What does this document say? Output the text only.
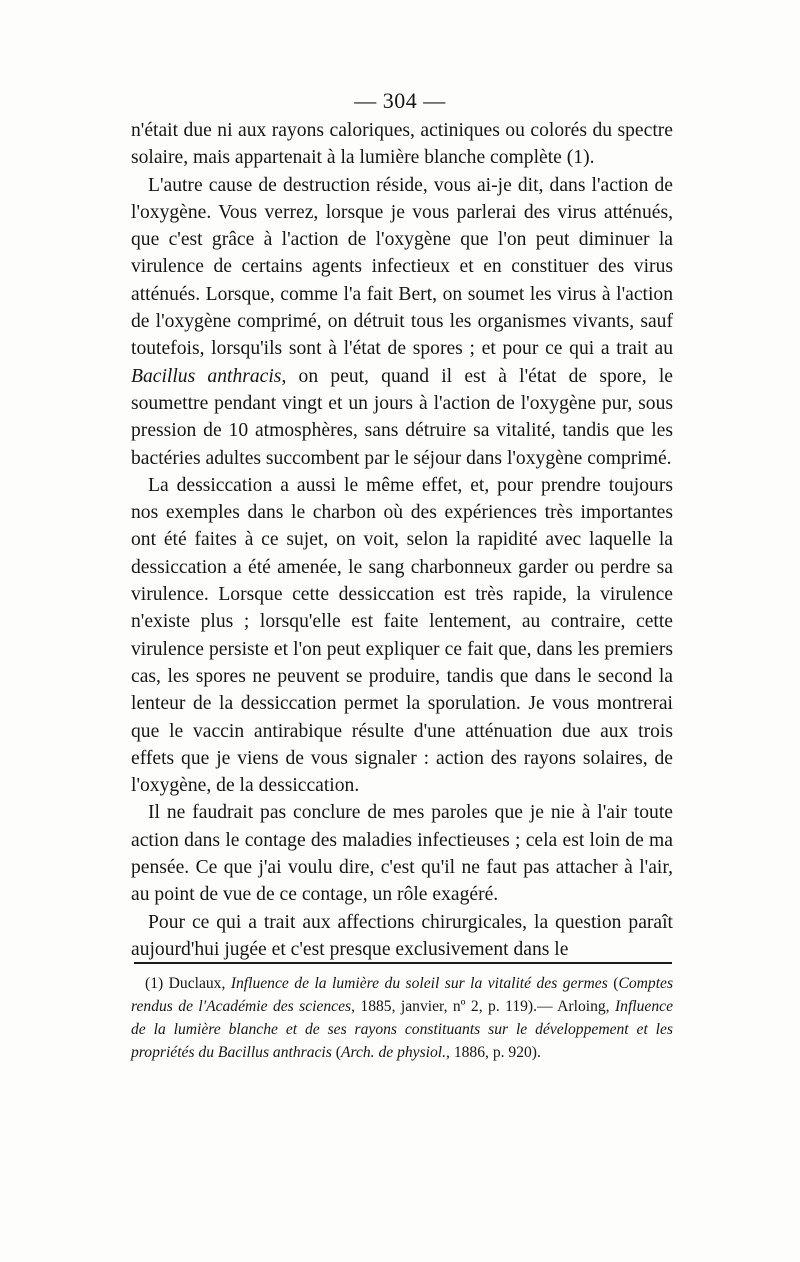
— 304 —

n'était due ni aux rayons caloriques, actiniques ou colorés du spectre solaire, mais appartenait à la lumière blanche complète (1).

L'autre cause de destruction réside, vous ai-je dit, dans l'action de l'oxygène. Vous verrez, lorsque je vous parlerai des virus atténués, que c'est grâce à l'action de l'oxygène que l'on peut diminuer la virulence de certains agents infectieux et en constituer des virus atténués. Lorsque, comme l'a fait Bert, on soumet les virus à l'action de l'oxygène comprimé, on détruit tous les organismes vivants, sauf toutefois, lorsqu'ils sont à l'état de spores ; et pour ce qui a trait au Bacillus anthracis, on peut, quand il est à l'état de spore, le soumettre pendant vingt et un jours à l'action de l'oxygène pur, sous pression de 10 atmosphères, sans détruire sa vitalité, tandis que les bactéries adultes succombent par le séjour dans l'oxygène comprimé.

La dessiccation a aussi le même effet, et, pour prendre toujours nos exemples dans le charbon où des expériences très importantes ont été faites à ce sujet, on voit, selon la rapidité avec laquelle la dessiccation a été amenée, le sang charbonneux garder ou perdre sa virulence. Lorsque cette dessiccation est très rapide, la virulence n'existe plus ; lorsqu'elle est faite lentement, au contraire, cette virulence persiste et l'on peut expliquer ce fait que, dans les premiers cas, les spores ne peuvent se produire, tandis que dans le second la lenteur de la dessiccation permet la sporulation. Je vous montrerai que le vaccin antirabique résulte d'une atténuation due aux trois effets que je viens de vous signaler : action des rayons solaires, de l'oxygène, de la dessiccation.

Il ne faudrait pas conclure de mes paroles que je nie à l'air toute action dans le contage des maladies infectieuses ; cela est loin de ma pensée. Ce que j'ai voulu dire, c'est qu'il ne faut pas attacher à l'air, au point de vue de ce contage, un rôle exagéré.

Pour ce qui a trait aux affections chirurgicales, la question paraît aujourd'hui jugée et c'est presque exclusivement dans le

(1) Duclaux, Influence de la lumière du soleil sur la vitalité des germes (Comptes rendus de l'Académie des sciences, 1885, janvier, nº 2, p. 119).— Arloing, Influence de la lumière blanche et de ses rayons constituants sur le développement et les propriétés du Bacillus anthracis (Arch. de physiol., 1886, p. 920).
